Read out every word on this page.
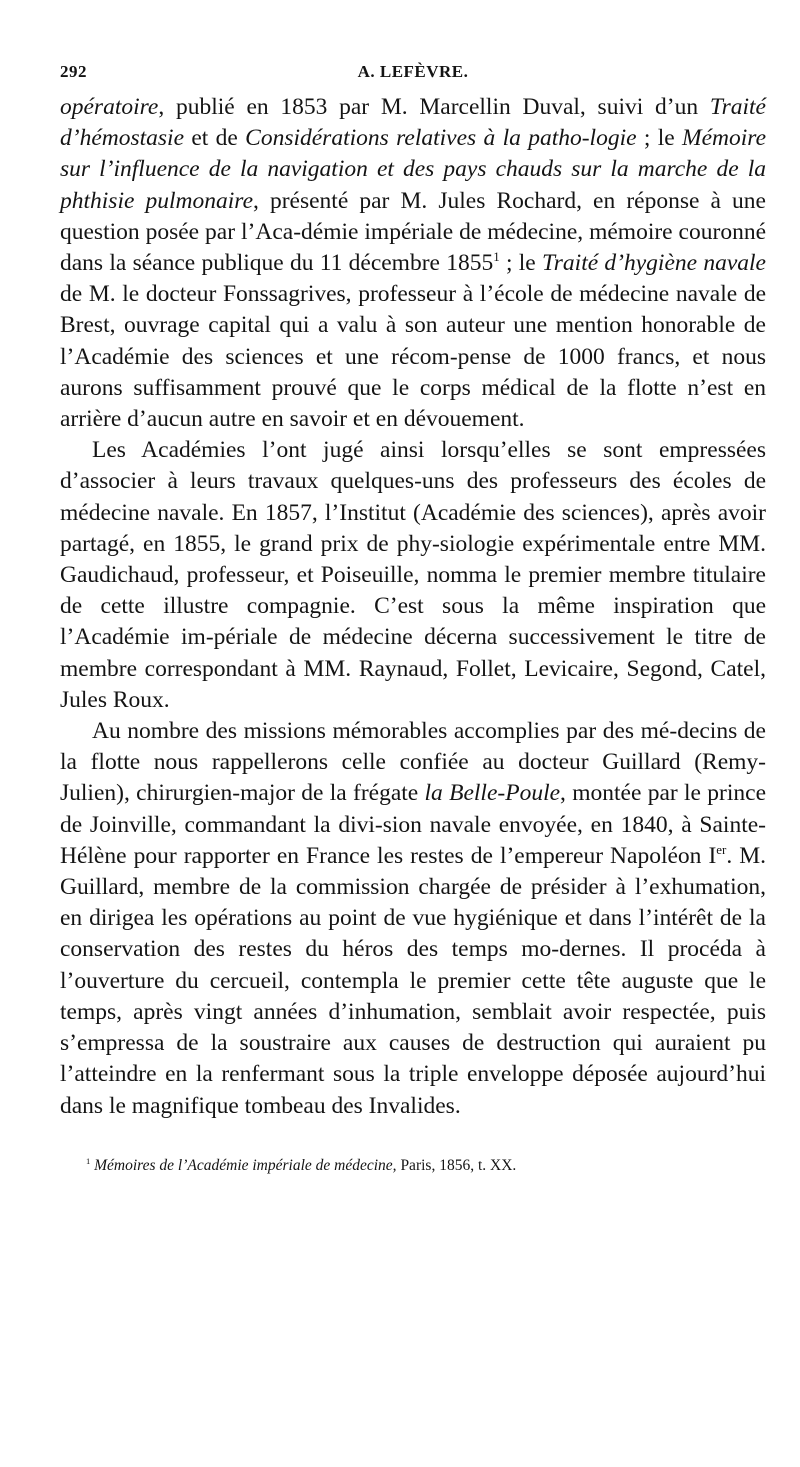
292	A. LEFÈVRE.

opératoire, publié en 1853 par M. Marcellin Duval, suivi d’un Traité d’hémostasie et de Considérations relatives à la patho-logie ; le Mémoire sur l’influence de la navigation et des pays chauds sur la marche de la phthisie pulmonaire, présenté par M. Jules Rochard, en réponse à une question posée par l’Aca-démie impériale de médecine, mémoire couronné dans la séance publique du 11 décembre 1855$^1$ ; le Traité d’hygiène navale de M. le docteur Fonssagrives, professeur à l’école de médecine navale de Brest, ouvrage capital qui a valu à son auteur une mention honorable de l’Académie des sciences et une récom-pense de 1000 francs, et nous aurons suffisamment prouvé que le corps médical de la flotte n’est en arrière d’aucun autre en savoir et en dévouement.

Les Académies l’ont jugé ainsi lorsqu’elles se sont empressées d’associer à leurs travaux quelques-uns des professeurs des écoles de médecine navale. En 1857, l’Institut (Académie des sciences), après avoir partagé, en 1855, le grand prix de phy-siologie expérimentale entre MM. Gaudichaud, professeur, et Poiseuille, nomma le premier membre titulaire de cette illustre compagnie. C’est sous la même inspiration que l’Académie im-périale de médecine décerna successivement le titre de membre correspondant à MM. Raynaud, Follet, Levicaire, Segond, Catel, Jules Roux.

Au nombre des missions mémorables accomplies par des mé-decins de la flotte nous rappellerons celle confiée au docteur Guillard (Remy-Julien), chirurgien-major de la frégate la Belle-Poule, montée par le prince de Joinville, commandant la divi-sion navale envoyée, en 1840, à Sainte-Hélène pour rapporter en France les restes de l’empereur Napoléon Ier. M. Guillard, membre de la commission chargée de présider à l’exhumation, en dirigea les opérations au point de vue hygiénique et dans l’intérêt de la conservation des restes du héros des temps mo-dernes. Il procéda à l’ouverture du cercueil, contempla le premier cette tête auguste que le temps, après vingt années d’inhumation, semblait avoir respectée, puis s’empressa de la soustraire aux causes de destruction qui auraient pu l’atteindre en la renfermant sous la triple enveloppe déposée aujourd’hui dans le magnifique tombeau des Invalides.

$^1$ Mémoires de l’Académie impériale de médecine, Paris, 1856, t. XX.
